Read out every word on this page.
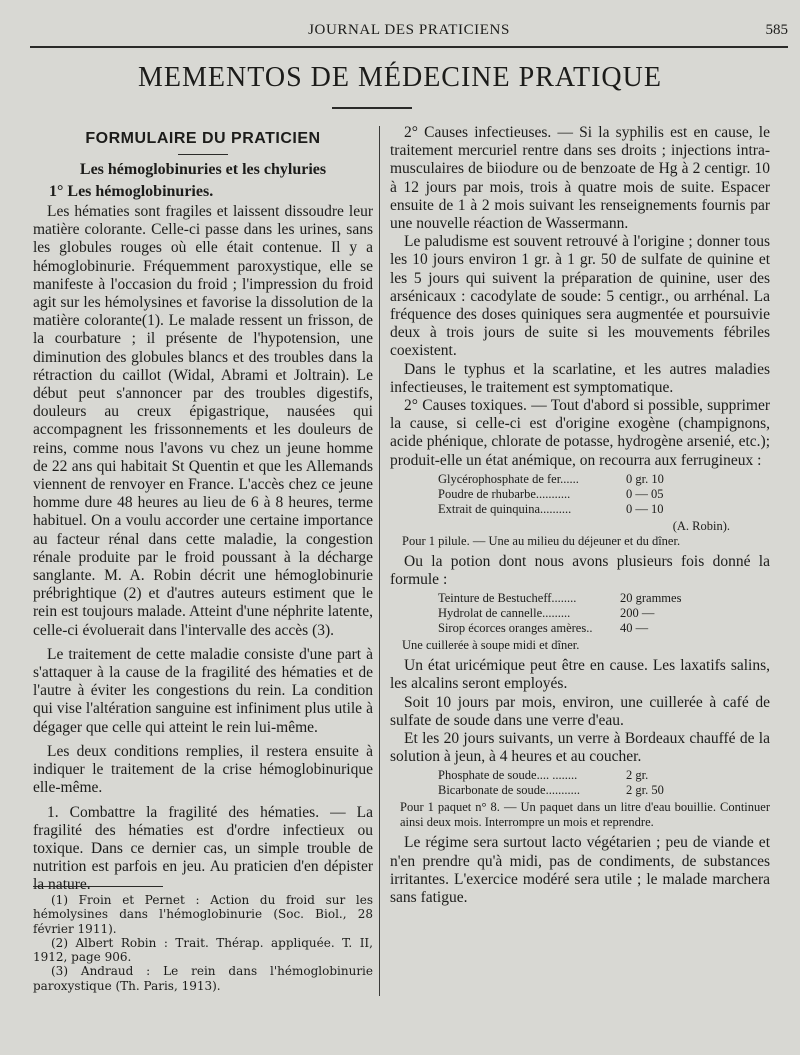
JOURNAL DES PRATICIENS	585
MEMENTOS DE MÉDECINE PRATIQUE
FORMULAIRE DU PRATICIEN
Les hémoglobinuries et les chyluries
1° Les hémoglobinuries.

Les hématies sont fragiles et laissent dissoudre leur matière colorante. Celle-ci passe dans les urines, sans les globules rouges où elle était contenue. Il y a hémoglobinurie. Fréquemment paroxystique, elle se manifeste à l'occasion du froid ; l'impression du froid agit sur les hémolysines et favorise la dissolution de la matière colorante(1). Le malade ressent un frisson, de la courbature ; il présente de l'hypotension, une diminution des globules blancs et des troubles dans la rétraction du caillot (Widal, Abrami et Joltrain). Le début peut s'annoncer par des troubles digestifs, douleurs au creux épigastrique, nausées qui accompagnent les frissonnements et les douleurs de reins, comme nous l'avons vu chez un jeune homme de 22 ans qui habitait St Quentin et que les Allemands viennent de renvoyer en France. L'accès chez ce jeune homme dure 48 heures au lieu de 6 à 8 heures, terme habituel. On a voulu accorder une certaine importance au facteur rénal dans cette maladie, la congestion rénale produite par le froid poussant à la décharge sanglante. M. A. Robin décrit une hémoglobinurie prébrightique (2) et d'autres auteurs estiment que le rein est toujours malade. Atteint d'une néphrite latente, celle-ci évoluerait dans l'intervalle des accès (3).

Le traitement de cette maladie consiste d'une part à s'attaquer à la cause de la fragilité des hématies et de l'autre à éviter les congestions du rein. La condition qui vise l'altération sanguine est infiniment plus utile à dégager que celle qui atteint le rein lui-même.

Les deux conditions remplies, il restera ensuite à indiquer le traitement de la crise hémoglobinurique elle-même.

1. Combattre la fragilité des hématies. — La fragilité des hématies est d'ordre infectieux ou toxique. Dans ce dernier cas, un simple trouble de nutrition est parfois en jeu. Au praticien d'en dépister la nature.

(1) Froin et Pernet : Action du froid sur les hémolysines dans l'hémoglobinurie (Soc. Biol., 28 février 1911).

(2) Albert Robin : Trait. Thérap. appliquée. T. II, 1912, page 906.

(3) Andraud : Le rein dans l'hémoglobinurie paroxystique (Th. Paris, 1913).

2° Causes infectieuses. — Si la syphilis est en cause, le traitement mercuriel rentre dans ses droits ; injections intra-musculaires de biiodure ou de benzoate de Hg à 2 centigr. 10 à 12 jours par mois, trois à quatre mois de suite. Espacer ensuite de 1 à 2 mois suivant les renseignements fournis par une nouvelle réaction de Wassermann.

Le paludisme est souvent retrouvé à l'origine ; donner tous les 10 jours environ 1 gr. à 1 gr. 50 de sulfate de quinine et les 5 jours qui suivent la préparation de quinine, user des arsénicaux : cacodylate de soude: 5 centigr., ou arrhénal. La fréquence des doses quiniques sera augmentée et poursuivie deux à trois jours de suite si les mouvements fébriles coexistent.

Dans le typhus et la scarlatine, et les autres maladies infectieuses, le traitement est symptomatique.

2° Causes toxiques. — Tout d'abord si possible, supprimer la cause, si celle-ci est d'origine exogène (champignons, acide phénique, chlorate de potasse, hydrogène arsenié, etc.); produit-elle un état anémique, on recourra aux ferrugineux :

Glycérophosphate de fer......	0 gr. 10
Poudre de rhubarbe...........	0 — 05
Extrait de quinquina..........	0 — 10
(A. Robin).
Pour 1 pilule. — Une au milieu du déjeuner et du dîner.

Ou la potion dont nous avons plusieurs fois donné la formule :

Teinture de Bestucheff........	20 grammes
Hydrolat de cannelle.........	200 —
Sirop écorces oranges amères..	40 —
Une cuillerée à soupe midi et dîner.

Un état uricémique peut être en cause. Les laxatifs salins, les alcalins seront employés.

Soit 10 jours par mois, environ, une cuillerée à café de sulfate de soude dans une verre d'eau.

Et les 20 jours suivants, un verre à Bordeaux chauffé de la solution à jeun, à 4 heures et au coucher.

Phosphate de soude.... ........	2 gr.
Bicarbonate de soude...........	2 gr. 50
Pour 1 paquet n° 8. — Un paquet dans un litre d'eau bouillie. Continuer ainsi deux mois. Interrompre un mois et reprendre.

Le régime sera surtout lacto végétarien ; peu de viande et n'en prendre qu'à midi, pas de condiments, de substances irritantes. L'exercice modéré sera utile ; le malade marchera sans fatigue.
